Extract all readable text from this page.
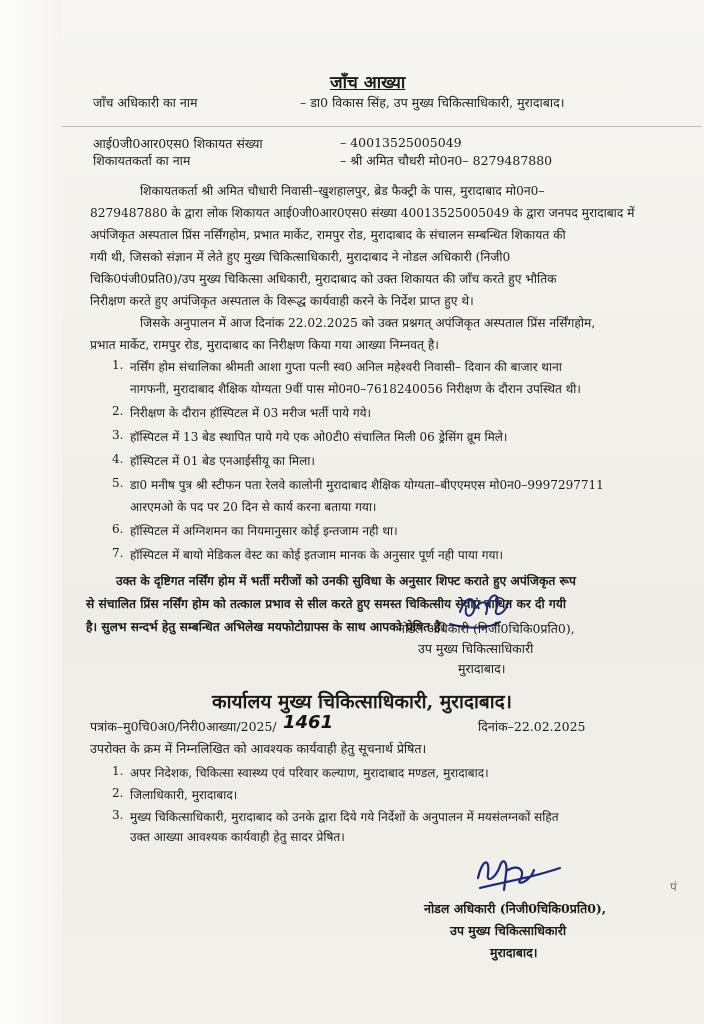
जाँच आख्या
जाँच अधिकारी का नाम	– डा0 विकास सिंह, उप मुख्य चिकित्साधिकारी, मुरादाबाद।
आई0जी0आर0एस0 शिकायत संख्या	– 40013525005049
शिकायतकर्ता का नाम	– श्री अमित चौधरी मो0न0– 8279487880
शिकायतकर्ता श्री अमित चौधारी निवासी–खुशहालपुर, ब्रेड फैक्ट्री के पास, मुरादाबाद मो0न0–
8279487880 के द्वारा लोक शिकायत आई0जी0आर0एस0 संख्या 40013525005049 के द्वारा जनपद मुरादाबाद में
अपंजिकृत अस्पताल प्रिंस नर्सिंगहोम, प्रभात मार्केट, रामपुर रोड, मुरादाबाद के संचालन सम्बन्धित शिकायत की
गयी थी, जिसको संज्ञान में लेते हुए मुख्य चिकित्साधिकारी, मुरादाबाद ने नोडल अधिकारी (निजी0
चिकि0पंजी0प्रति0)/उप मुख्य चिकित्सा अधिकारी, मुरादाबाद को उक्त शिकायत की जाँच करते हुए भौतिक
निरीक्षण करते हुए अपंजिकृत अस्पताल के विरूद्ध कार्यवाही करने के निर्देश प्राप्त हुए थे।
जिसके अनुपालन में आज दिनांक 22.02.2025 को उक्त प्रश्नगत् अपंजिकृत अस्पताल प्रिंस नर्सिंगहोम,
प्रभात मार्केट, रामपुर रोड, मुरादाबाद का निरीक्षण किया गया आख्या निम्नवत् है।
1. नर्सिंग होम संचालिका श्रीमती आशा गुप्ता पत्नी स्व0 अनिल महेश्वरी निवासी– दिवान की बाजार थाना
नागफनी, मुरादाबाद शैक्षिक योग्यता 9वीं पास मो0न0–7618240056 निरीक्षण के दौरान उपस्थित थी।
2. निरीक्षण के दौरान हॉस्पिटल में 03 मरीज भर्ती पाये गये।
3. हॉस्पिटल में 13 बेड स्थापित पाये गये एक ओ0टी0 संचालित मिली 06 ड्रेसिंग व्रूम मिले।
4. हॉस्पिटल में 01 बेड एनआईसीयू का मिला।
5. डा0 मनीष पुत्र श्री स्टीफन पता रेलवे कालोनी मुरादाबाद शैक्षिक योग्यता–बीएएमएस मो0न0–9997297711
आरएमओ के पद पर 20 दिन से कार्य करना बताया गया।
6. हॉस्पिटल में अग्निशमन का नियमानुसार कोई इन्तजाम नही था।
7. हॉस्पिटल में बायो मेडिकल वेस्ट का कोई इतजाम मानक के अनुसार पूर्ण नही पाया गया।
उक्त के दृष्टिगत नर्सिंग होम में भर्ती मरीजों को उनकी सुविधा के अनुसार शिफ्ट कराते हुए अपंजिकृत रूप
से संचालित प्रिंस नर्सिंग होम को तत्काल प्रभाव से सील करते हुए समस्त चिकित्सीय सेवाएं बाधित कर दी गयी
है। सुलभ सन्दर्भ हेतु सम्बन्धित अभिलेख मयफोटोग्राफ्स के साथ आपको प्रेषित है।
नोडल अधिकारी (निजी0चिकि0प्रति0),
उप मुख्य चिकित्साधिकारी
मुरादाबाद।
कार्यालय मुख्य चिकित्साधिकारी, मुरादाबाद।
पत्रांक–मु0चि0अ0/निरी0आख्या/2025/ 1461	दिनांक–22.02.2025
उपरोक्त के क्रम में निम्नलिखित को आवश्यक कार्यवाही हेतु सूचनार्थ प्रेषित।
1. अपर निदेशक, चिकित्सा स्वास्थ्य एवं परिवार कल्याण, मुरादाबाद मण्डल, मुरादाबाद।
2. जिलाधिकारी, मुरादाबाद।
3. मुख्य चिकित्साधिकारी, मुरादाबाद को उनके द्वारा दिये गये निर्देशों के अनुपालन में मयसंलग्नकों सहित
उक्त आख्या आवश्यक कार्यवाही हेतु सादर प्रेषित।
पं
नोडल अधिकारी (निजी0चिकि0प्रति0),
उप मुख्य चिकित्साधिकारी
मुरादाबाद।
